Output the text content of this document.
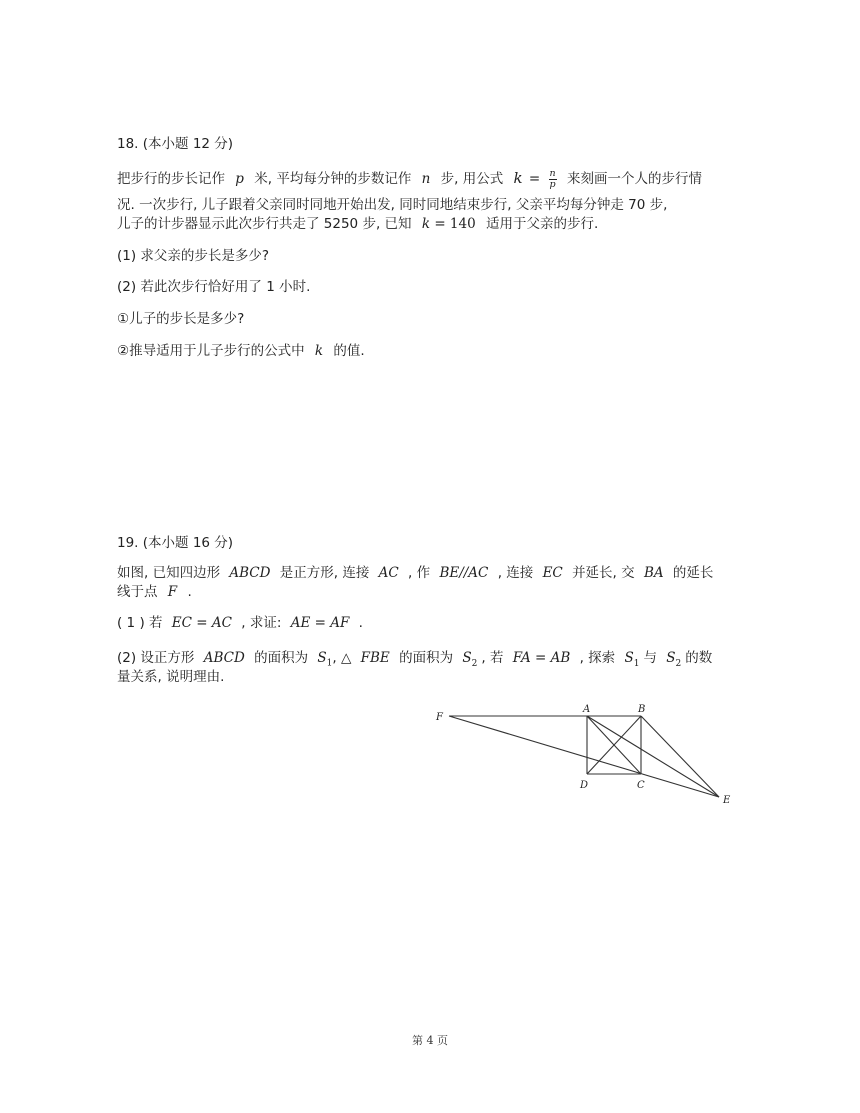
18. (本小题 12 分)
把步行的步长记作 p 米, 平均每分钟的步数记作 n 步, 用公式 $k = \frac{n}{p}$ 来刻画一个人的步行情
况. 一次步行, 儿子跟着父亲同时同地开始出发, 同时同地结束步行, 父亲平均每分钟走 70 步,
儿子的计步器显示此次步行共走了 5250 步, 已知 k = 140 适用于父亲的步行.
(1) 求父亲的步长是多少?
(2) 若此次步行恰好用了 1 小时.
①儿子的步长是多少?
②推导适用于儿子步行的公式中 k 的值.
19. (本小题 16 分)
如图, 已知四边形 ABCD 是正方形, 连接 AC , 作 BE//AC , 连接 EC 并延长, 交 BA 的延长
线于点 F .
( 1 ) 若 EC = AC , 求证: AE = AF .
(2) 设正方形 ABCD 的面积为 $S_1$, △ FBE 的面积为 $S_2$ , 若 FA = AB , 探索 $S_1$ 与 $S_2$ 的数
量关系, 说明理由.
F
A	B
D	C
E
第 4 页
